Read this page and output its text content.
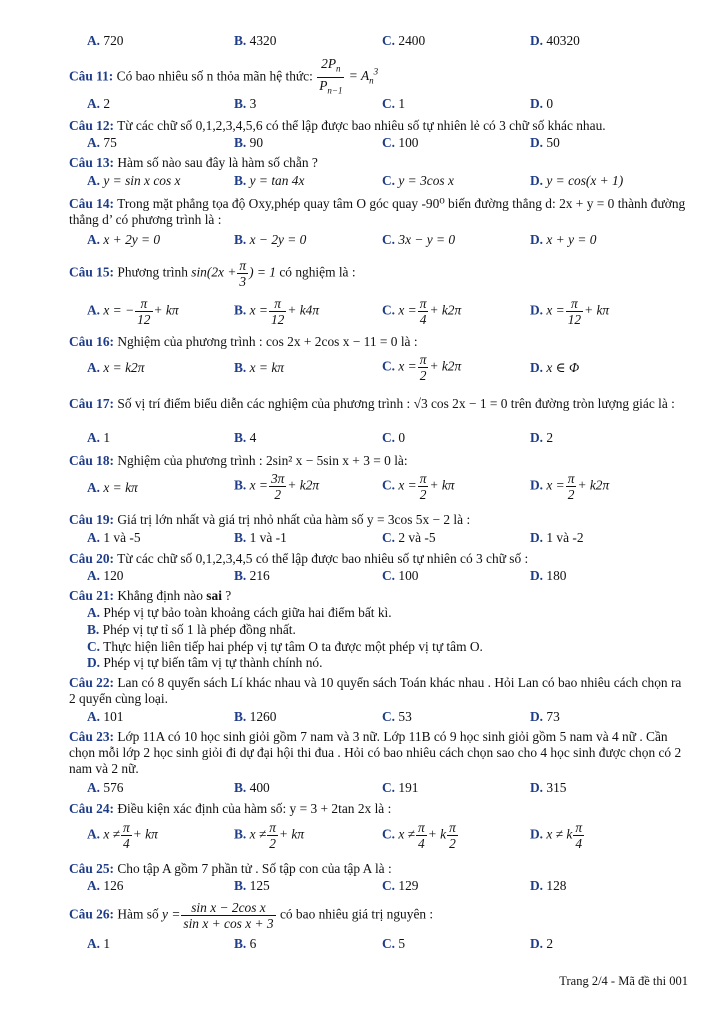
A. 720	B. 4320	C. 2400	D. 40320
Câu 11: Có bao nhiêu số n thỏa mãn hệ thức: $\frac{2P_n}{P_{n-1}} = A_n^3$
A. 2	B. 3	C. 1	D. 0
Câu 12: Từ các chữ số 0,1,2,3,4,5,6 có thể lập được bao nhiêu số tự nhiên lẻ có 3 chữ số khác nhau.
A. 75	B. 90	C. 100	D. 50
Câu 13: Hàm số nào sau đây là hàm số chẵn ?
A. y = sin x cos x	B. y = tan 4x	C. y = 3cos x	D. y = cos(x + 1)
Câu 14: Trong mặt phẳng tọa độ Oxy,phép quay tâm O góc quay -90⁰ biến đường thẳng d: 2x + y = 0 thành đường thẳng d’ có phương trình là :
A. x + 2y = 0	B. x − 2y = 0	C. 3x − y = 0	D. x + y = 0
Câu 15: Phương trình $\sin(2x + \frac{\pi}{3}$ ) = 1 có nghiệm là :
A. x = − $\frac{\pi}{12} + k\pi$	B. $x = \frac{\pi}{12} + k4\pi$	C. $x = \frac{\pi}{4} + k2\pi$	D. $x = \frac{\pi}{12} + k\pi$
Câu 16: Nghiệm của phương trình : cos 2x + 2cos x − 11 = 0 là :
A. x = k2π	B. x = kπ	C. $x = \frac{\pi}{2} + k2\pi$	D. x ∈ Φ
Câu 17: Số vị trí điểm biểu diễn các nghiệm của phương trình : √3 cos 2x − 1 = 0 trên đường tròn lượng giác là :
A. 1	B. 4	C. 0	D. 2
Câu 18: Nghiệm của phương trình : 2sin² x − 5sin x + 3 = 0 là:
A. x = kπ	B. $x = \frac{3\pi}{2} + k2\pi$	C. $x = \frac{\pi}{2} + k\pi$	D. $x = \frac{\pi}{2} + k2\pi$
Câu 19: Giá trị lớn nhất và giá trị nhỏ nhất của hàm số y = 3cos 5x − 2 là :
A. 1 và -5	B. 1 và -1	C. 2 và -5	D. 1 và -2
Câu 20: Từ các chữ số 0,1,2,3,4,5 có thể lập được bao nhiêu số tự nhiên có 3 chữ số :
A. 120	B. 216	C. 100	D. 180
Câu 21: Khẳng định nào sai ?
A. Phép vị tự bảo toàn khoảng cách giữa hai điểm bất kì.
B. Phép vị tự tỉ số 1 là phép đồng nhất.
C. Thực hiện liên tiếp hai phép vị tự tâm O ta được một phép vị tự tâm O.
D. Phép vị tự biến tâm vị tự thành chính nó.
Câu 22: Lan có 8 quyển sách Lí khác nhau và 10 quyển sách Toán khác nhau . Hỏi Lan có bao nhiêu cách chọn ra 2 quyển cùng loại.
A. 101	B. 1260	C. 53	D. 73
Câu 23: Lớp 11A có 10 học sinh giỏi gồm 7 nam và 3 nữ. Lớp 11B có 9 học sinh giỏi gồm 5 nam và 4 nữ . Cần chọn mỗi lớp 2 học sinh giỏi đi dự đại hội thi đua . Hỏi có bao nhiêu cách chọn sao cho 4 học sinh được chọn có 2 nam và 2 nữ.
A. 576	B. 400	C. 191	D. 315
Câu 24: Điều kiện xác định của hàm số: y = 3 + 2tan 2x là :
A. $x \ne \frac{\pi}{4} + k\pi$	B. $x \ne \frac{\pi}{2} + k\pi$	C. $x \ne \frac{\pi}{4} + k \frac{\pi}{2}$	D. x ≠ k $\frac{\pi}{4}$
Câu 25: Cho tập A gồm 7 phần tử . Số tập con của tập A là :
A. 126	B. 125	C. 129	D. 128
Câu 26: Hàm số $y = \frac{\text{sin x − 2cos x}}{\text{sin x + cos x + 3}}$ có bao nhiêu giá trị nguyên :
A. 1	B. 6	C. 5	D. 2
Trang 2/4 - Mã đề thi 001
